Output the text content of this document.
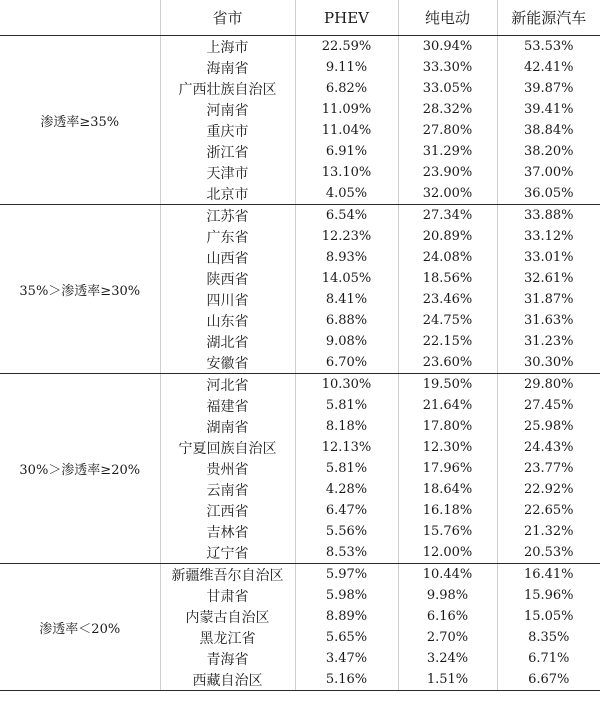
	省市	PHEV	纯电动	新能源汽车
渗透率≥35%	上海市	22.59%	30.94%	53.53%
	海南省	9.11%	33.30%	42.41%
	广西壮族自治区	6.82%	33.05%	39.87%
	河南省	11.09%	28.32%	39.41%
	重庆市	11.04%	27.80%	38.84%
	浙江省	6.91%	31.29%	38.20%
	天津市	13.10%	23.90%	37.00%
	北京市	4.05%	32.00%	36.05%
35%＞渗透率≥30%	江苏省	6.54%	27.34%	33.88%
	广东省	12.23%	20.89%	33.12%
	山西省	8.93%	24.08%	33.01%
	陕西省	14.05%	18.56%	32.61%
	四川省	8.41%	23.46%	31.87%
	山东省	6.88%	24.75%	31.63%
	湖北省	9.08%	22.15%	31.23%
	安徽省	6.70%	23.60%	30.30%
30%＞渗透率≥20%	河北省	10.30%	19.50%	29.80%
	福建省	5.81%	21.64%	27.45%
	湖南省	8.18%	17.80%	25.98%
	宁夏回族自治区	12.13%	12.30%	24.43%
	贵州省	5.81%	17.96%	23.77%
	云南省	4.28%	18.64%	22.92%
	江西省	6.47%	16.18%	22.65%
	吉林省	5.56%	15.76%	21.32%
	辽宁省	8.53%	12.00%	20.53%
渗透率＜20%	新疆维吾尔自治区	5.97%	10.44%	16.41%
	甘肃省	5.98%	9.98%	15.96%
	内蒙古自治区	8.89%	6.16%	15.05%
	黑龙江省	5.65%	2.70%	8.35%
	青海省	3.47%	3.24%	6.71%
	西藏自治区	5.16%	1.51%	6.67%
